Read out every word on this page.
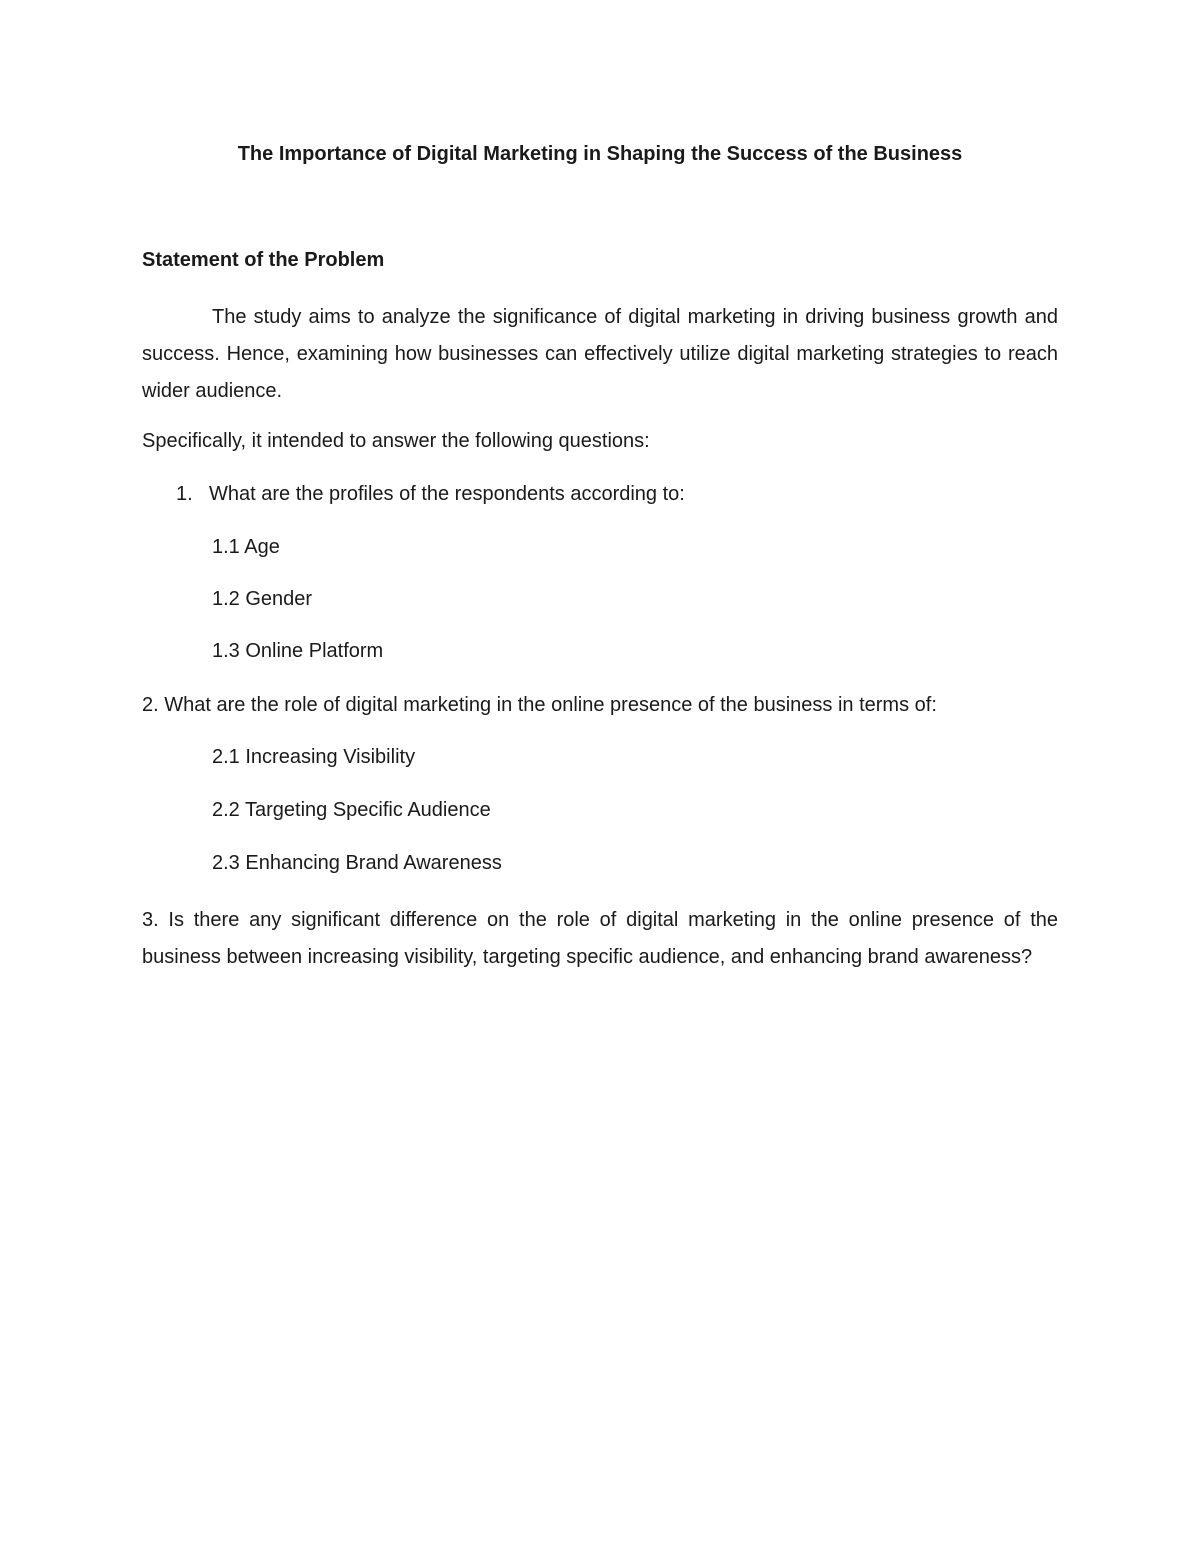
The Importance of Digital Marketing in Shaping the Success of the Business
Statement of the Problem

The study aims to analyze the significance of digital marketing in driving business growth and success. Hence, examining how businesses can effectively utilize digital marketing strategies to reach wider audience.

Specifically, it intended to answer the following questions:
1. What are the profiles of the respondents according to:
1.1 Age
1.2 Gender
1.3 Online Platform
2. What are the role of digital marketing in the online presence of the business in terms of:
2.1 Increasing Visibility
2.2 Targeting Specific Audience
2.3 Enhancing Brand Awareness

3. Is there any significant difference on the role of digital marketing in the online presence of the business between increasing visibility, targeting specific audience, and enhancing brand awareness?
